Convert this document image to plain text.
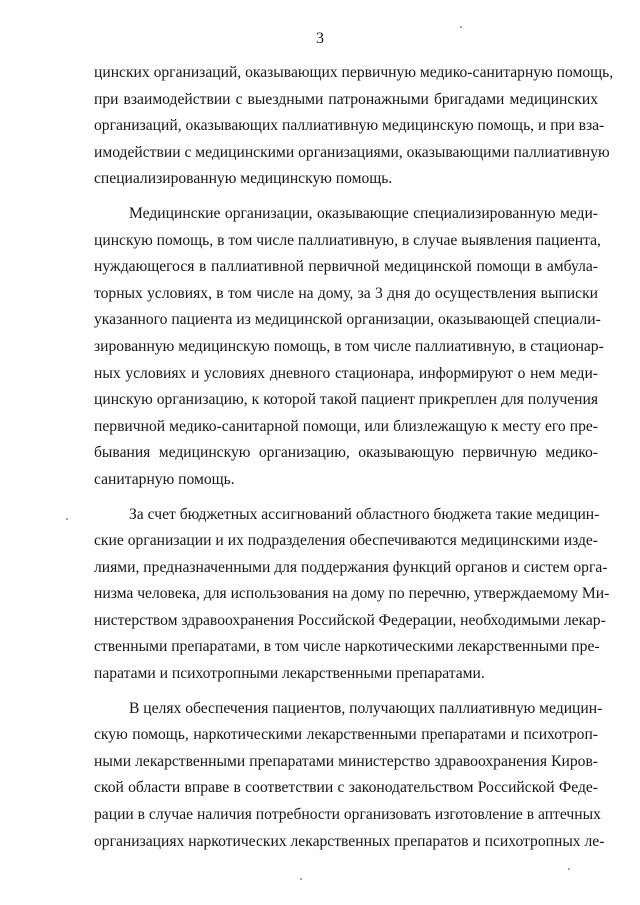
3
цинских организаций, оказывающих первичную медико-санитарную помощь,
при взаимодействии с выездными патронажными бригадами медицинских
организаций, оказывающих паллиативную медицинскую помощь, и при вза-
имодействии с медицинскими организациями, оказывающими паллиативную
специализированную медицинскую помощь.
Медицинские организации, оказывающие специализированную меди-
цинскую помощь, в том числе паллиативную, в случае выявления пациента,
нуждающегося в паллиативной первичной медицинской помощи в амбула-
торных условиях, в том числе на дому, за 3 дня до осуществления выписки
указанного пациента из медицинской организации, оказывающей специали-
зированную медицинскую помощь, в том числе паллиативную, в стационар-
ных условиях и условиях дневного стационара, информируют о нем меди-
цинскую организацию, к которой такой пациент прикреплен для получения
первичной медико-санитарной помощи, или близлежащую к месту его пре-
бывания медицинскую организацию, оказывающую первичную медико-
санитарную помощь.
За счет бюджетных ассигнований областного бюджета такие медицин-
ские организации и их подразделения обеспечиваются медицинскими изде-
лиями, предназначенными для поддержания функций органов и систем орга-
низма человека, для использования на дому по перечню, утверждаемому Ми-
нистерством здравоохранения Российской Федерации, необходимыми лекар-
ственными препаратами, в том числе наркотическими лекарственными пре-
паратами и психотропными лекарственными препаратами.
В целях обеспечения пациентов, получающих паллиативную медицин-
скую помощь, наркотическими лекарственными препаратами и психотроп-
ными лекарственными препаратами министерство здравоохранения Киров-
ской области вправе в соответствии с законодательством Российской Феде-
рации в случае наличия потребности организовать изготовление в аптечных
организациях наркотических лекарственных препаратов и психотропных ле-
